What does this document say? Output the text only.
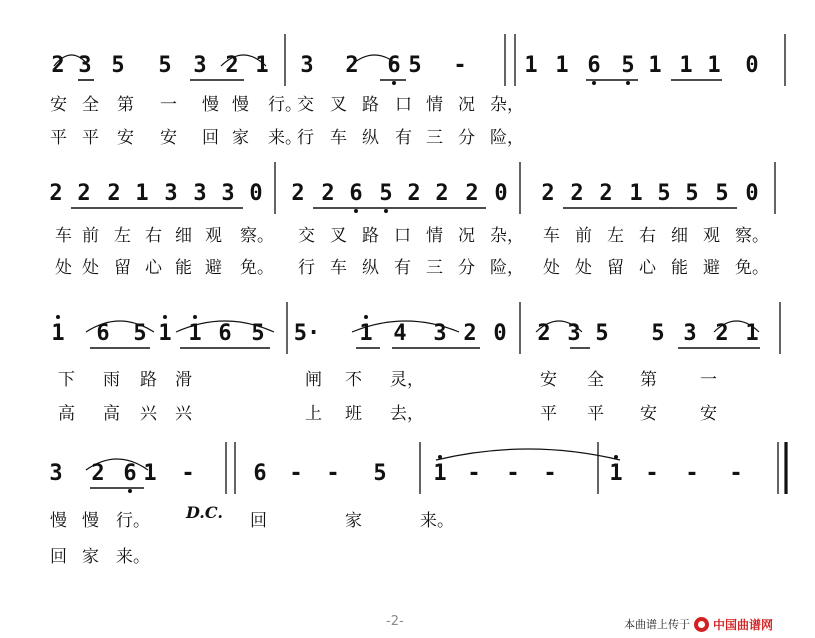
2 3 5 5 3 2 1 3 2 6 5 -	1 1 6 5 1 1 1 0
安 全 第 一 慢 慢 行。
交 叉 路 口 情 况 杂，
平 平 安 安 回 家 来。
行 车 纵 有 三 分 险，
2 2 2 1 3 3 3 0 2 2 6 5 2 2 2 0 2 2 2 1 5 5 5 0
车 前 左 右 细 观 察。 交 叉 路 口 情 况 杂， 车 前 左 右 细 观 察。
处 处 留 心 能 避 免。 行 车 纵 有 三 分 险， 处 处 留 心 能 避 免。
1 6 5 1 1 6 5 5· 1 4 3 2 0 2 3 5 5 3 2 1
下 雨 路 滑	闸 不 灵，	安 全 第	一
高 高 兴 兴	上 班 去，	平 平 安	安
3 2 6 1 -	6 - - 5 1 - - - 1 - - -
慢 慢 行。	回	家	来。
回 家 来。
D.C.
-2-	本曲谱上传于 中国曲谱网
